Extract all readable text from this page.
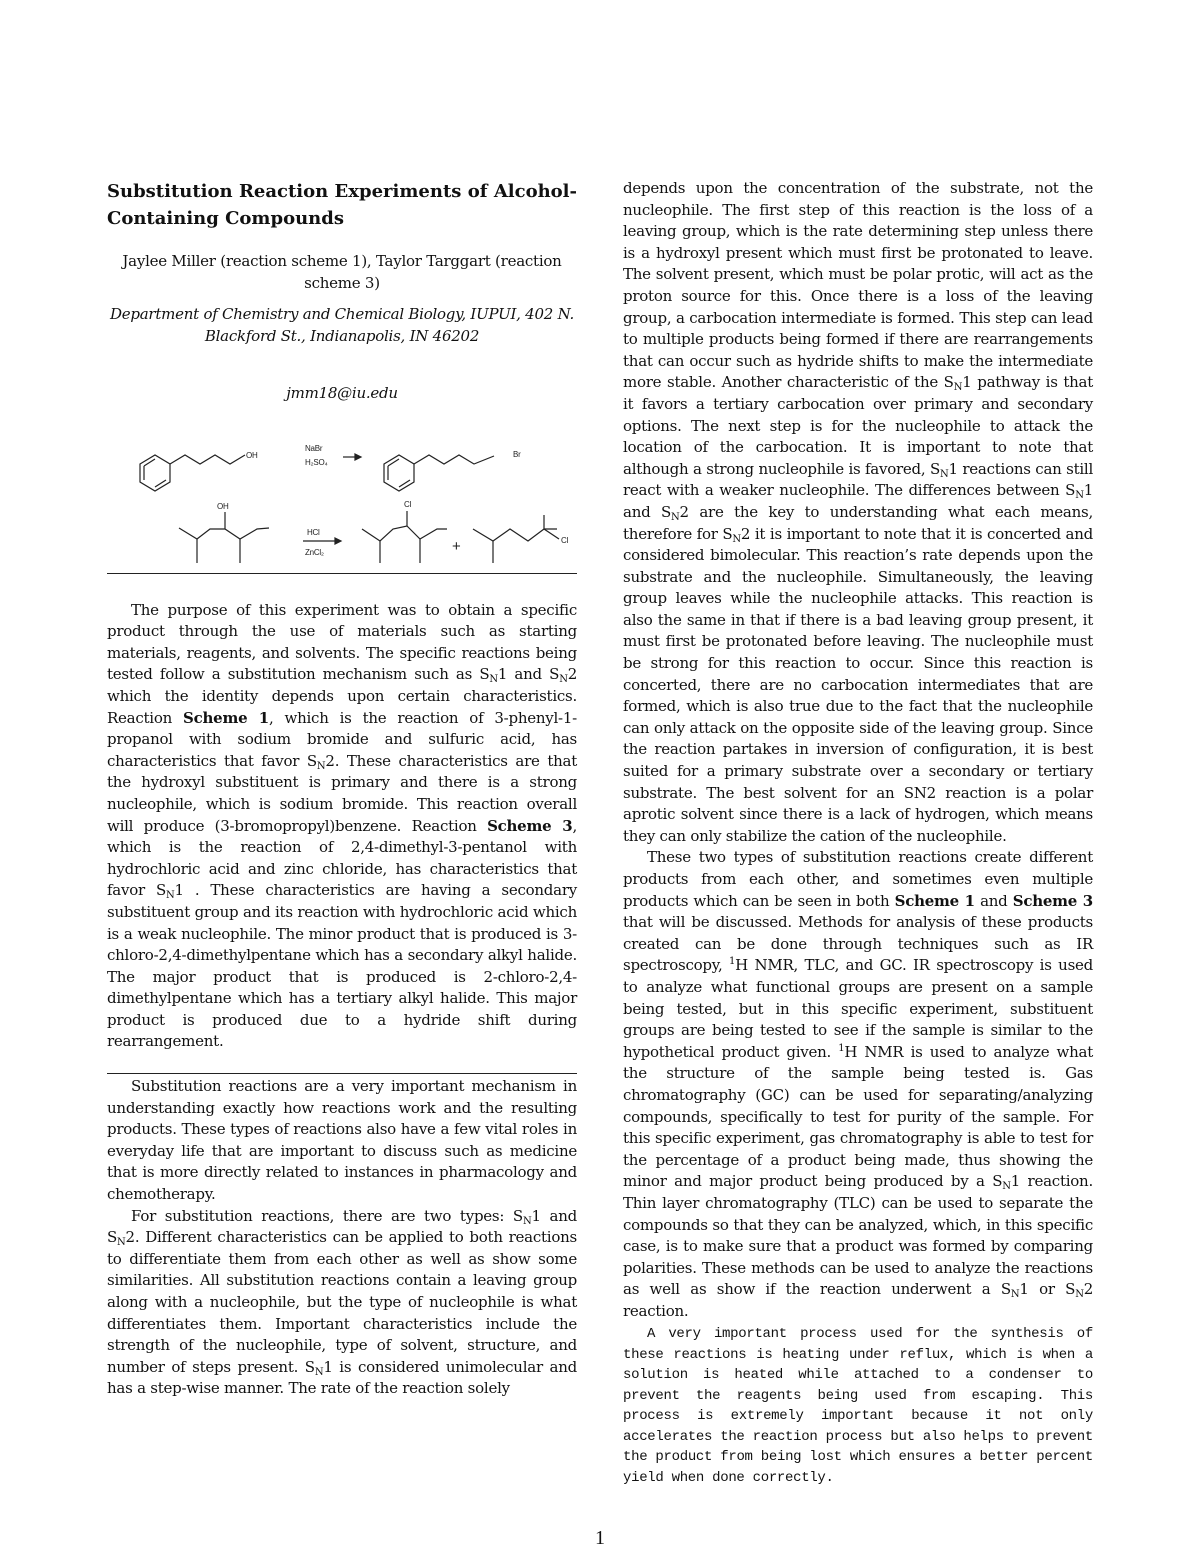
Substitution Reaction Experiments of Alcohol-Containing Compounds
Jaylee Miller (reaction scheme 1), Taylor Targgart (reaction scheme 3)
Department of Chemistry and Chemical Biology, IUPUI, 402 N. Blackford St., Indianapolis, IN 46202
jmm18@iu.edu
OH
NaBr
H₂SO₄
Br
OH
HCl
ZnCl₂
Cl
+	Cl

The purpose of this experiment was to obtain a specific product through the use of materials such as starting materials, reagents, and solvents. The specific reactions being tested follow a substitution mechanism such as $S_N1$ and $S_N2$ which the identity depends upon certain characteristics. Reaction Scheme 1, which is the reaction of 3-phenyl-1-propanol with sodium bromide and sulfuric acid, has characteristics that favor $S_N2$. These characteristics are that the hydroxyl substituent is primary and there is a strong nucleophile, which is sodium bromide. This reaction overall will produce (3-bromopropyl)benzene. Reaction Scheme 3, which is the reaction of 2,4-dimethyl-3-pentanol with hydrochloric acid and zinc chloride, has characteristics that favor $S_N1$ . These characteristics are having a secondary substituent group and its reaction with hydrochloric acid which is a weak nucleophile. The minor product that is produced is 3-chloro-2,4-dimethylpentane which has a secondary alkyl halide. The major product that is produced is 2-chloro-2,4-dimethylpentane which has a tertiary alkyl halide. This major product is produced due to a hydride shift during rearrangement.

Substitution reactions are a very important mechanism in understanding exactly how reactions work and the resulting products. These types of reactions also have a few vital roles in everyday life that are important to discuss such as medicine that is more directly related to instances in pharmacology and chemotherapy.

For substitution reactions, there are two types: $S_N1$ and $S_N2$. Different characteristics can be applied to both reactions to differentiate them from each other as well as show some similarities. All substitution reactions contain a leaving group along with a nucleophile, but the type of nucleophile is what differentiates them. Important characteristics include the strength of the nucleophile, type of solvent, structure, and number of steps present. $S_N1$ is considered unimolecular and has a step-wise manner. The rate of the reaction solely

depends upon the concentration of the substrate, not the nucleophile. The first step of this reaction is the loss of a leaving group, which is the rate determining step unless there is a hydroxyl present which must first be protonated to leave. The solvent present, which must be polar protic, will act as the proton source for this. Once there is a loss of the leaving group, a carbocation intermediate is formed. This step can lead to multiple products being formed if there are rearrangements that can occur such as hydride shifts to make the intermediate more stable. Another characteristic of the $S_N1$ pathway is that it favors a tertiary carbocation over primary and secondary options. The next step is for the nucleophile to attack the location of the carbocation. It is important to note that although a strong nucleophile is favored, $S_N1$ reactions can still react with a weaker nucleophile. The differences between $S_N1$ and $S_N2$ are the key to understanding what each means, therefore for $S_N2$ it is important to note that it is concerted and considered bimolecular. This reaction’s rate depends upon the substrate and the nucleophile. Simultaneously, the leaving group leaves while the nucleophile attacks. This reaction is also the same in that if there is a bad leaving group present, it must first be protonated before leaving. The nucleophile must be strong for this reaction to occur. Since this reaction is concerted, there are no carbocation intermediates that are formed, which is also true due to the fact that the nucleophile can only attack on the opposite side of the leaving group. Since the reaction partakes in inversion of configuration, it is best suited for a primary substrate over a secondary or tertiary substrate. The best solvent for an SN2 reaction is a polar aprotic solvent since there is a lack of hydrogen, which means they can only stabilize the cation of the nucleophile.

These two types of substitution reactions create different products from each other, and sometimes even multiple products which can be seen in both Scheme 1 and Scheme 3 that will be discussed. Methods for analysis of these products created can be done through techniques such as IR spectroscopy, $^1$H NMR, TLC, and GC. IR spectroscopy is used to analyze what functional groups are present on a sample being tested, but in this specific experiment, substituent groups are being tested to see if the sample is similar to the hypothetical product given. $^1$H NMR is used to analyze what the structure of the sample being tested is. Gas chromatography (GC) can be used for separating/analyzing compounds, specifically to test for purity of the sample. For this specific experiment, gas chromatography is able to test for the percentage of a product being made, thus showing the minor and major product being produced by a $S_N1$ reaction. Thin layer chromatography (TLC) can be used to separate the compounds so that they can be analyzed, which, in this specific case, is to make sure that a product was formed by comparing polarities. These methods can be used to analyze the reactions as well as show if the reaction underwent a $S_N1$ or $S_N2$ reaction.

A very important process used for the synthesis of these reactions is heating under reflux, which is when a solution is heated while attached to a condenser to prevent the reagents being used from escaping. This process is extremely important because it not only accelerates the reaction process but also helps to prevent the product from being lost which ensures a better percent yield when done correctly.

1
